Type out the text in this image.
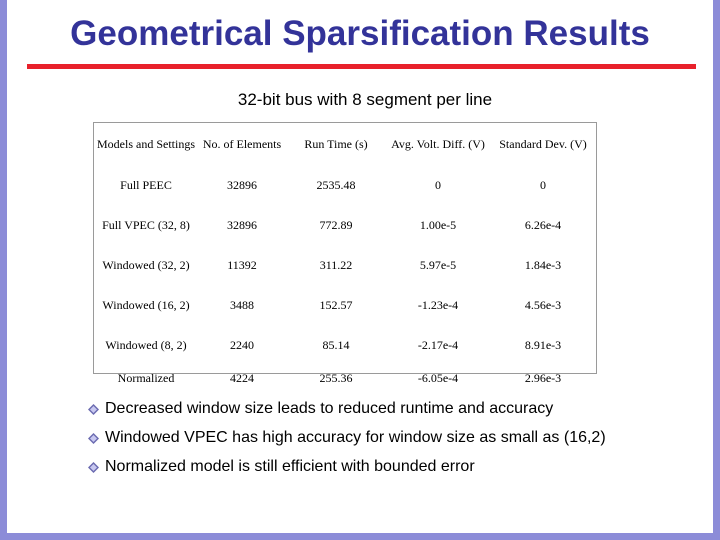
Geometrical Sparsification Results
32-bit bus with 8 segment per line
Models and Settings	No. of Elements	Run Time (s)	Avg. Volt. Diff. (V)	Standard Dev. (V)
Full PEEC	32896	2535.48	0	0
Full VPEC (32, 8)	32896	772.89	1.00e-5	6.26e-4
Windowed (32, 2)	11392	311.22	5.97e-5	1.84e-3
Windowed (16, 2)	3488	152.57	-1.23e-4	4.56e-3
Windowed (8, 2)	2240	85.14	-2.17e-4	8.91e-3
Normalized	4224	255.36	-6.05e-4	2.96e-3
Decreased window size leads to reduced runtime and accuracy
Windowed VPEC has high accuracy for window size as small as (16,2)
Normalized model is still efficient with bounded error
